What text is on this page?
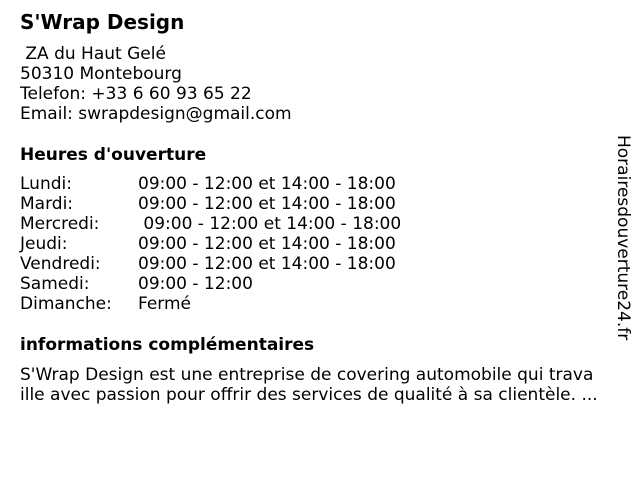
S'Wrap Design
ZA du Haut Gelé
50310 Montebourg
Telefon: +33 6 60 93 65 22
Email: swrapdesign@gmail.com
Heures d'ouverture
Lundi:	09:00 - 12:00 et 14:00 - 18:00
Mardi:	09:00 - 12:00 et 14:00 - 18:00
Mercredi:	09:00 - 12:00 et 14:00 - 18:00
Jeudi:	09:00 - 12:00 et 14:00 - 18:00
Vendredi:	09:00 - 12:00 et 14:00 - 18:00
Samedi:	09:00 - 12:00
Dimanche:	Fermé
informations complémentaires
S'Wrap Design est une entreprise de covering automobile qui trava
ille avec passion pour offrir des services de qualité à sa clientèle. ...
Horairesdouverture24.fr
